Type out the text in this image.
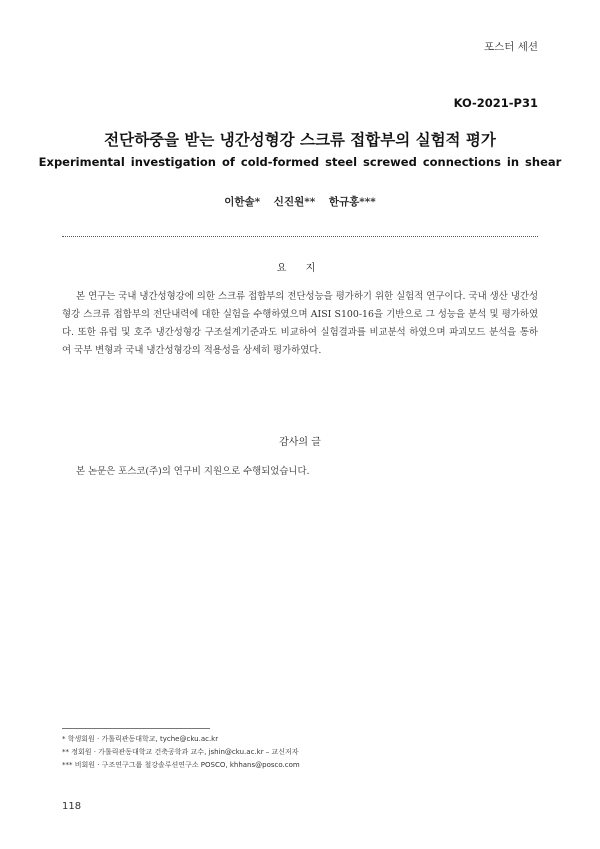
포스터 세션
KO-2021-P31
전단하중을 받는 냉간성형강 스크류 접합부의 실험적 평가
Experimental investigation of cold-formed steel screwed connections in shear
이한솔* 신진원** 한규홍***
요 지
본 연구는 국내 냉간성형강에 의한 스크류 접합부의 전단성능을 평가하기 위한 실험적 연구이다. 국내 생산 냉간성형강 스크류 접합부의 전단내력에 대한 실험을 수행하였으며 AISI S100-16을 기반으로 그 성능을 분석 및 평가하였다. 또한 유럽 및 호주 냉간성형강 구조설계기준과도 비교하여 실험결과를 비교분석 하였으며 파괴모드 분석을 통하여 국부 변형과 국내 냉간성형강의 적용성을 상세히 평가하였다.
감사의 글
본 논문은 포스코(주)의 연구비 지원으로 수행되었습니다.
* 학생회원 · 가톨릭관동대학교, tyche@cku.ac.kr
** 정회원 · 가톨릭관동대학교 건축공학과 교수, jshin@cku.ac.kr – 교신저자
*** 비회원 · 구조연구그룹 철강솔루션연구소 POSCO, khhans@posco.com
118
